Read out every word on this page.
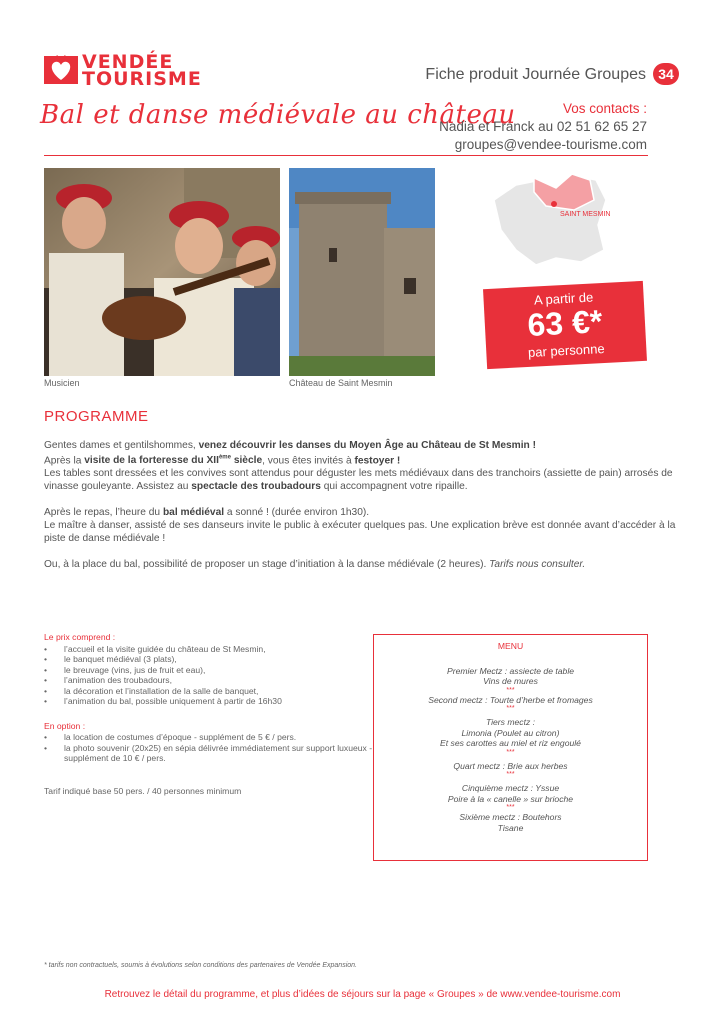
VENDÉE
TOURISME	Fiche produit Journée Groupes 34
Bal et danse médiévale au château	Vos contacts :
Nadia et Franck au 02 51 62 65 27
groupes@vendee-tourisme.com
Musicien	Château de Saint Mesmin
SAINT MESMIN
A partir de
63 €*
par personne
PROGRAMME

Gentes dames et gentilshommes, venez découvrir les danses du Moyen Âge au Château de St Mesmin !
Après la visite de la forteresse du XIIème siècle, vous êtes invités à festoyer !
Les tables sont dressées et les convives sont attendus pour déguster les mets médiévaux dans des tranchoirs (assiette de pain) arrosés de vinasse gouleyante. Assistez au spectacle des troubadours qui accompagnent votre ripaille.

Après le repas, l’heure du bal médiéval a sonné ! (durée environ 1h30).
Le maître à danser, assisté de ses danseurs invite le public à exécuter quelques pas. Une explication brève est donnée avant d’accéder à la piste de danse médiévale !

Ou, à la place du bal, possibilité de proposer un stage d’initiation à la danse médiévale (2 heures). Tarifs nous consulter.

Le prix comprend :
• l’accueil et la visite guidée du château de St Mesmin,
• le banquet médiéval (3 plats),
• le breuvage (vins, jus de fruit et eau),
• l’animation des troubadours,
• la décoration et l’installation de la salle de banquet,
• l’animation du bal, possible uniquement à partir de 16h30
En option :
• la location de costumes d’époque - supplément de 5 € / pers.
• la photo souvenir (20x25) en sépia délivrée immédiatement sur support luxueux - supplément de 10 € / pers.
Tarif indiqué base 50 pers. / 40 personnes minimum
MENU
Premier Mectz : assiecte de table
Vins de mures
***
Second mectz : Tourte d’herbe et fromages
***
Tiers mectz :
Limonia (Poulet au citron)
Et ses carottes au miel et riz engoulé
***
Quart mectz : Brie aux herbes
***
Cinquième mectz : Yssue
Poire à la « canelle » sur brioche
***
Sixième mectz : Boutehors
Tisane
* tarifs non contractuels, soumis à évolutions selon conditions des partenaires de Vendée Expansion.
Retrouvez le détail du programme, et plus d’idées de séjours sur la page « Groupes » de www.vendee-tourisme.com
